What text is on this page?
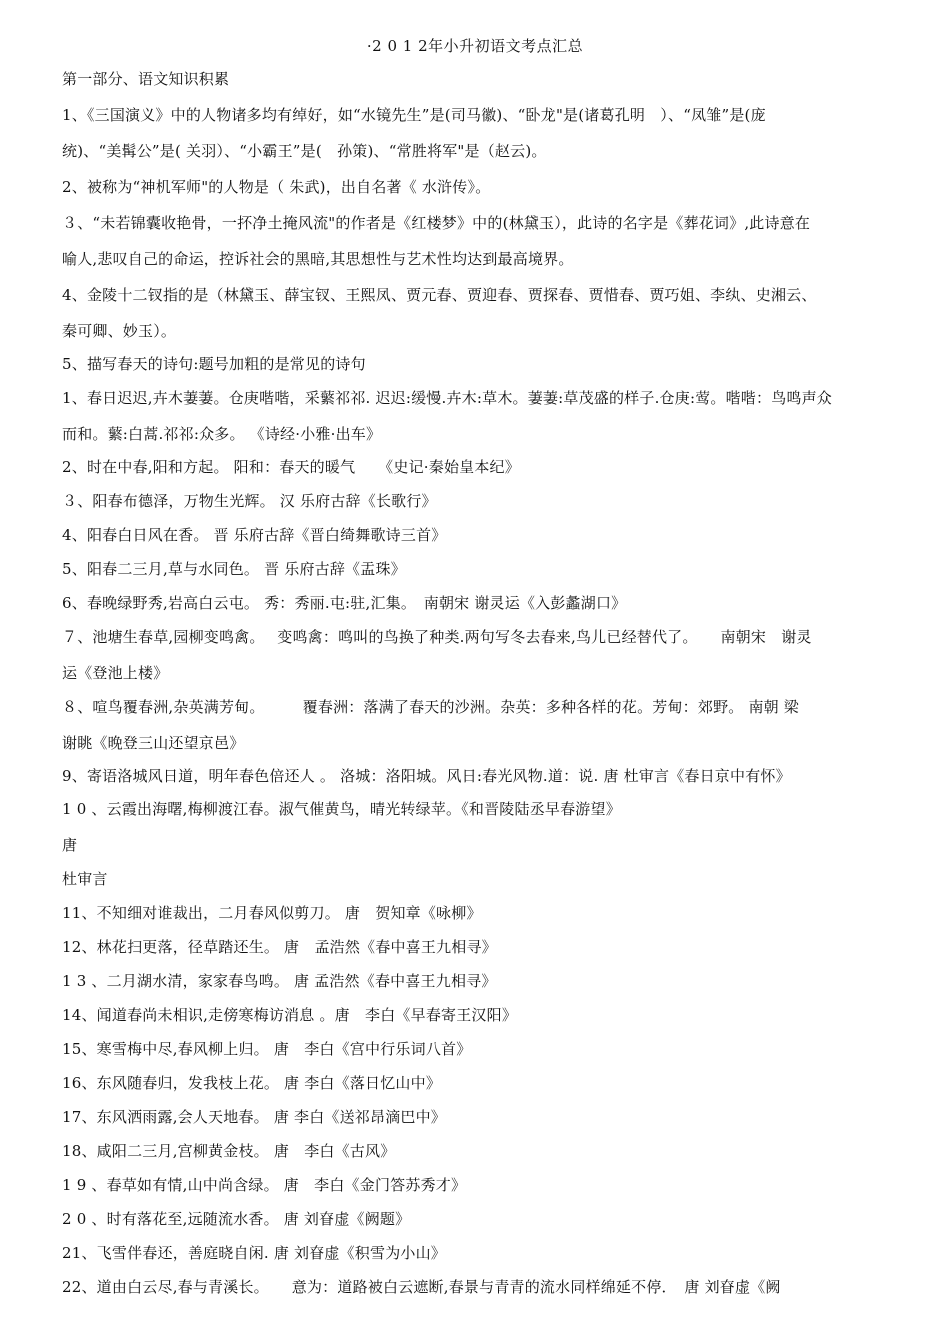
·2 0 1 2年小升初语文考点汇总
第一部分、语文知识积累
1、《三国演义》中的人物诸多均有绰好，如“水镜先生”是(司马徽)、“卧龙"是(诸葛孔明　）、“凤雏”是(庞
统)、“美髯公”是( 关羽）、“小霸王”是(　孙策)、“常胜将军"是（赵云)。
2、被称为“神机军师"的人物是（ 朱武)，出自名著《 水浒传》。
３、“未若锦囊收艳骨，一抔净土掩风流"的作者是《红楼梦》中的(林黛玉），此诗的名字是《葬花词》,此诗意在
喻人,悲叹自己的命运，控诉社会的黑暗,其思想性与艺术性均达到最高境界。
4、金陵十二钗指的是（林黛玉、薛宝钗、王熙凤、贾元春、贾迎春、贾探春、贾惜春、贾巧姐、李纨、史湘云、
秦可卿、妙玉）。
5、描写春天的诗句:题号加粗的是常见的诗句
1、春日迟迟,卉木萋萋。仓庚喈喈，采蘩祁祁. 迟迟:缓慢.卉木:草木。萋萋:草茂盛的样子.仓庚:莺。喈喈：鸟鸣声众
而和。蘩:白蒿.祁祁:众多。 《诗经·小雅·出车》
2、时在中春,阳和方起。 阳和：春天的暖气　　《史记·秦始皇本纪》
３、阳春布德泽，万物生光辉。 汉 乐府古辞《长歌行》
4、阳春白日风在香。 晋 乐府古辞《晋白绮舞歌诗三首》
5、阳春二三月,草与水同色。 晋 乐府古辞《盂珠》
6、春晚绿野秀,岩高白云屯。 秀：秀丽.屯:驻,汇集。　南朝宋 谢灵运《入彭蠡湖口》
７、池塘生春草,园柳变鸣禽。　 变鸣禽：鸣叫的鸟换了种类.两句写冬去春来,鸟儿已经替代了。　　南朝宋　谢灵
运《登池上楼》
８、喧鸟覆春洲,杂英满芳甸。　　　覆春洲：落满了春天的沙洲。杂英：多种各样的花。芳甸：郊野。 南朝 梁
谢眺《晚登三山还望京邑》
9、寄语洛城风日道，明年春色倍还人 。 洛城：洛阳城。风日:春光风物.道：说. 唐 杜审言《春日京中有怀》
1 0 、云霞出海曙,梅柳渡江春。淑气催黄鸟，晴光转绿苹。《和晋陵陆丞早春游望》
唐
杜审言
11、不知细对谁裁出，二月春风似剪刀。 唐　贺知章《咏柳》
12、林花扫更落，径草踏还生。 唐　孟浩然《春中喜王九相寻》
1 3 、二月湖水清，家家春鸟鸣。 唐 孟浩然《春中喜王九相寻》
14、闻道春尚未相识,走傍寒梅访消息 。唐　李白《早春寄王汉阳》
15、寒雪梅中尽,春风柳上归。 唐　李白《宫中行乐词八首》
16、东风随春归，发我枝上花。 唐 李白《落日忆山中》
17、东风洒雨露,会人天地春。 唐 李白《送祁昂滴巴中》
18、咸阳二三月,宫柳黄金枝。 唐　李白《古风》
1 9 、春草如有情,山中尚含绿。 唐　李白《金门答苏秀才》
2 0 、时有落花至,远随流水香。 唐 刘眘虚《阙题》
21、飞雪伴春还，善庭晓自闲. 唐 刘眘虚《积雪为小山》
22、道由白云尽,春与青溪长。　　意为：道路被白云遮断,春景与青青的流水同样绵延不停．　唐 刘眘虚《阙
